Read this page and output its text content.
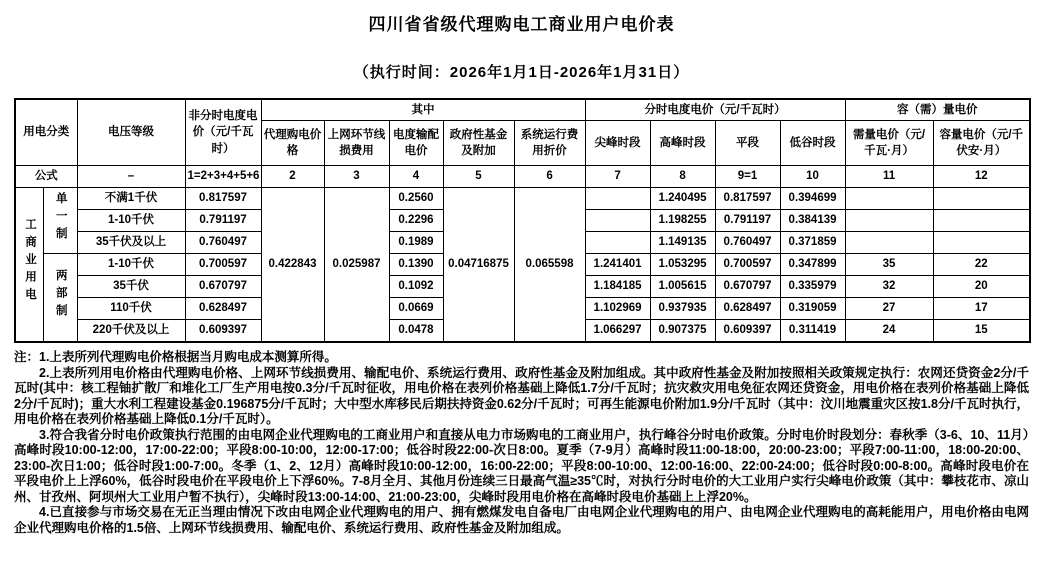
四川省省级代理购电工商业用户电价表
（执行时间：2026年1月1日-2026年1月31日）
用电分类		电压等级	非分时电度电价（元/千瓦时）	其中					分时电度电价（元/千瓦时）				容（需）量电价	
				代理购电价格	上网环节线损费用	电度输配电价	政府性基金及附加	系统运行费用折价	尖峰时段	高峰时段	平段	低谷时段	需量电价（元/千瓦·月）	容量电价（元/千伏安·月）
公式		–	1=2+3+4+5+6	2	3	4	5	6	7	8	9=1	10	11	12
工商业用电	单一制	不满1千伏	0.817597	0.422843	0.025987	0.2560	0.04716875	0.065598		1.240495	0.817597	0.394699		
		1-10千伏	0.791197			0.2296				1.198255	0.791197	0.384139		
		35千伏及以上	0.760497			0.1989				1.149135	0.760497	0.371859		
	两部制	1-10千伏	0.700597			0.1390			1.241401	1.053295	0.700597	0.347899	35	22
		35千伏	0.670797			0.1092			1.184185	1.005615	0.670797	0.335979	32	20
		110千伏	0.628497			0.0669			1.102969	0.937935	0.628497	0.319059	27	17
		220千伏及以上	0.609397			0.0478			1.066297	0.907375	0.609397	0.311419	24	15

注：1.上表所列代理购电价格根据当月购电成本测算所得。

2.上表所列用电价格由代理购电价格、上网环节线损费用、输配电价、系统运行费用、政府性基金及附加组成。其中政府性基金及附加按照相关政策规定执行：农网还贷资金2分/千瓦时(其中：核工程铀扩散厂和堆化工厂生产用电按0.3分/千瓦时征收，用电价格在表列价格基础上降低1.7分/千瓦时；抗灾救灾用电免征农网还贷资金，用电价格在表列价格基础上降低2分/千瓦时)；重大水利工程建设基金0.196875分/千瓦时；大中型水库移民后期扶持资金0.62分/千瓦时；可再生能源电价附加1.9分/千瓦时（其中：汶川地震重灾区按1.8分/千瓦时执行，用电价格在表列价格基础上降低0.1分/千瓦时）。

3.符合我省分时电价政策执行范围的由电网企业代理购电的工商业用户和直接从电力市场购电的工商业用户，执行峰谷分时电价政策。分时电价时段划分：春秋季（3-6、10、11月）高峰时段10:00-12:00，17:00-22:00；平段8:00-10:00，12:00-17:00；低谷时段22:00-次日8:00。夏季（7-9月）高峰时段11:00-18:00，20:00-23:00；平段7:00-11:00，18:00-20:00、23:00-次日1:00；低谷时段1:00-7:00。冬季（1、2、12月）高峰时段10:00-12:00，16:00-22:00；平段8:00-10:00、12:00-16:00、22:00-24:00；低谷时段0:00-8:00。高峰时段电价在平段电价上上浮60%，低谷时段电价在平段电价上下浮60%。7-8月全月、其他月份连续三日最高气温≥35℃时，对执行分时电价的大工业用户实行尖峰电价政策（其中：攀枝花市、凉山州、甘孜州、阿坝州大工业用户暂不执行），尖峰时段13:00-14:00、21:00-23:00，尖峰时段用电价格在高峰时段电价基础上上浮20%。

4.已直接参与市场交易在无正当理由情况下改由电网企业代理购电的用户、拥有燃煤发电自备电厂由电网企业代理购电的用户、由电网企业代理购电的高耗能用户，用电价格由电网企业代理购电价格的1.5倍、上网环节线损费用、输配电价、系统运行费用、政府性基金及附加组成。
